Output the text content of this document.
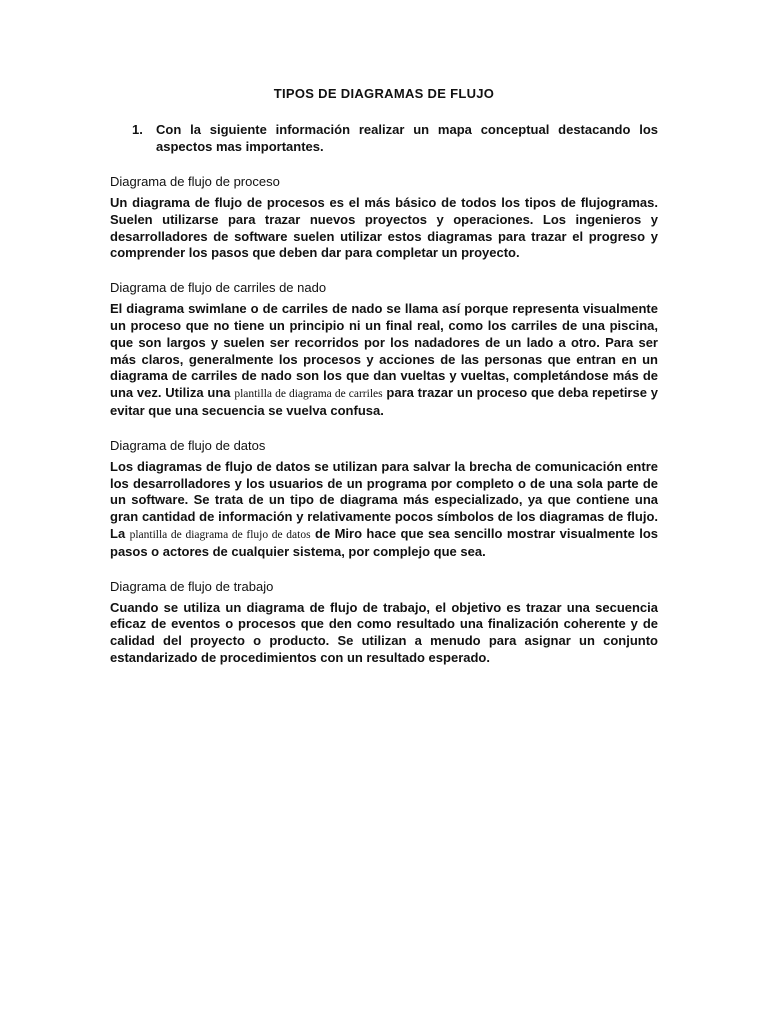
TIPOS DE DIAGRAMAS DE FLUJO
1.	Con la siguiente información realizar un mapa conceptual destacando los aspectos mas importantes.
Diagrama de flujo de proceso
Un diagrama de flujo de procesos es el más básico de todos los tipos de flujogramas. Suelen utilizarse para trazar nuevos proyectos y operaciones. Los ingenieros y desarrolladores de software suelen utilizar estos diagramas para trazar el progreso y comprender los pasos que deben dar para completar un proyecto.
Diagrama de flujo de carriles de nado
El diagrama swimlane o de carriles de nado se llama así porque representa visualmente un proceso que no tiene un principio ni un final real, como los carriles de una piscina, que son largos y suelen ser recorridos por los nadadores de un lado a otro. Para ser más claros, generalmente los procesos y acciones de las personas que entran en un diagrama de carriles de nado son los que dan vueltas y vueltas, completándose más de una vez. Utiliza una plantilla de diagrama de carriles para trazar un proceso que deba repetirse y evitar que una secuencia se vuelva confusa.
Diagrama de flujo de datos
Los diagramas de flujo de datos se utilizan para salvar la brecha de comunicación entre los desarrolladores y los usuarios de un programa por completo o de una sola parte de un software. Se trata de un tipo de diagrama más especializado, ya que contiene una gran cantidad de información y relativamente pocos símbolos de los diagramas de flujo. La plantilla de diagrama de flujo de datos de Miro hace que sea sencillo mostrar visualmente los pasos o actores de cualquier sistema, por complejo que sea.
Diagrama de flujo de trabajo
Cuando se utiliza un diagrama de flujo de trabajo, el objetivo es trazar una secuencia eficaz de eventos o procesos que den como resultado una finalización coherente y de calidad del proyecto o producto. Se utilizan a menudo para asignar un conjunto estandarizado de procedimientos con un resultado esperado.
